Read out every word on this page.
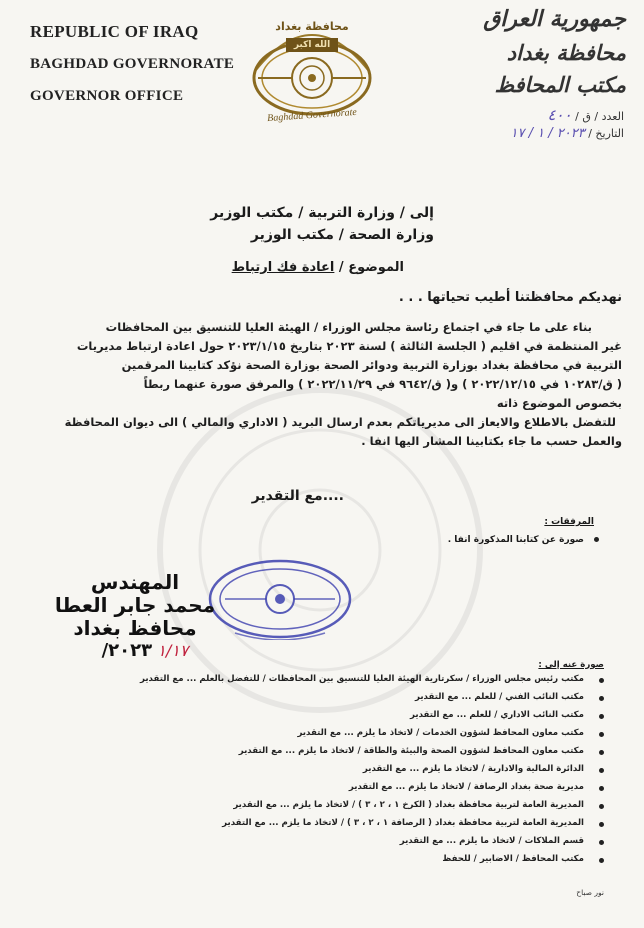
REPUBLIC OF IRAQ
BAGHDAD GOVERNORATE
GOVERNOR OFFICE
محافظة بغداد
الله اكبر
Baghdad Governorate
جمهورية العراق
محافظة بغداد
مكتب المحافظ
العدد / ق / ٤٠٠
التاريخ / ٢٠٢٣ / ١ / ١٧
إلى / وزارة التربية / مكتب الوزير
وزارة الصحة / مكتب الوزير
الموضوع / اعادة فك ارتباط
نهديكم محافظتنا أطيب تحياتها . . .
بناء على ما جاء في اجتماع رئاسة مجلس الوزراء / الهيئة العليا للتنسيق بين المحافظات
غير المنتظمة في اقليم ( الجلسة الثالثة ) لسنة ٢٠٢٣ بتاريخ ٢٠٢٣/١/١٥ حول اعادة ارتباط مديريات
التربية في محافظة بغداد بوزارة التربية ودوائر الصحة بوزارة الصحة نؤكد كتابينا المرقمين
( ق/١٠٢٨٣ في ٢٠٢٢/١٢/١٥ ) و( ق/٩٦٤٢ في ٢٠٢٢/١١/٢٩ ) والمرفق صورة عنهما ربطاً
بخصوص الموضوع ذاته
للتفضل بالاطلاع والايعاز الى مديرياتكم بعدم ارسال البريد ( الاداري والمالي ) الى ديوان المحافظة
والعمل حسب ما جاء بكتابينا المشار اليها انفا .
....مع التقدير
المرفقات :
صورة عن كتابنا المذكورة انفا .
المهندس
محمد جابر العطا
محافظ بغداد
١/١٧ ٢٠٢٣/
صورة عنه إلى :
مكتب رئيس مجلس الوزراء / سكرتارية الهيئة العليا للتنسيق بين المحافظات / للتفضل بالعلم ... مع التقدير
مكتب النائب الفني / للعلم ... مع التقدير
مكتب النائب الاداري / للعلم ... مع التقدير
مكتب معاون المحافظ لشؤون الخدمات / لاتخاذ ما يلزم ... مع التقدير
مكتب معاون المحافظ لشؤون الصحة والبيئة والطاقة / لاتخاذ ما يلزم ... مع التقدير
الدائرة المالية والادارية / لاتخاذ ما يلزم ... مع التقدير
مديرية صحة بغداد الرصافة / لاتخاذ ما يلزم ... مع التقدير
المديرية العامة لتربية محافظة بغداد ( الكرخ ١ ، ٢ ، ٣ ) / لاتخاذ ما يلزم ... مع التقدير
المديرية العامة لتربية محافظة بغداد ( الرصافة ١ ، ٢ ، ٣ ) / لاتخاذ ما يلزم ... مع التقدير
قسم الملاكات / لاتخاذ ما يلزم ... مع التقدير
مكتب المحافظ / الاضابير / للحفظ
نور صباح
